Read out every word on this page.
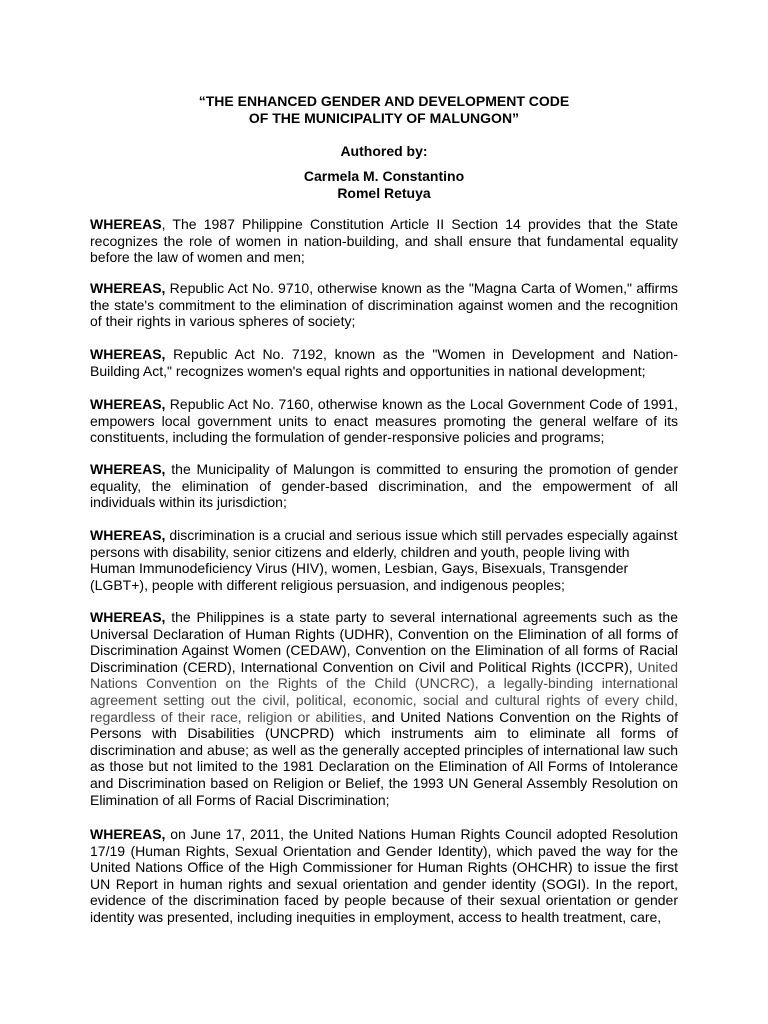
“THE ENHANCED GENDER AND DEVELOPMENT CODE
OF THE MUNICIPALITY OF MALUNGON”
Authored by:
Carmela M. Constantino
Romel Retuya

WHEREAS, The 1987 Philippine Constitution Article II Section 14 provides that the State recognizes the role of women in nation-building, and shall ensure that fundamental equality before the law of women and men;

WHEREAS, Republic Act No. 9710, otherwise known as the "Magna Carta of Women," affirms the state's commitment to the elimination of discrimination against women and the recognition of their rights in various spheres of society;

WHEREAS, Republic Act No. 7192, known as the "Women in Development and Nation-Building Act," recognizes women's equal rights and opportunities in national development;

WHEREAS, Republic Act No. 7160, otherwise known as the Local Government Code of 1991, empowers local government units to enact measures promoting the general welfare of its constituents, including the formulation of gender-responsive policies and programs;

WHEREAS, the Municipality of Malungon is committed to ensuring the promotion of gender equality, the elimination of gender-based discrimination, and the empowerment of all individuals within its jurisdiction;

WHEREAS, discrimination is a crucial and serious issue which still pervades especially against persons with disability, senior citizens and elderly, children and youth, people living with Human Immunodeficiency Virus (HIV), women, Lesbian, Gays, Bisexuals, Transgender (LGBT+), people with different religious persuasion, and indigenous peoples;

WHEREAS, the Philippines is a state party to several international agreements such as the Universal Declaration of Human Rights (UDHR), Convention on the Elimination of all forms of Discrimination Against Women (CEDAW), Convention on the Elimination of all forms of Racial Discrimination (CERD), International Convention on Civil and Political Rights (ICCPR), United Nations Convention on the Rights of the Child (UNCRC), a legally-binding international agreement setting out the civil, political, economic, social and cultural rights of every child, regardless of their race, religion or abilities, and United Nations Convention on the Rights of Persons with Disabilities (UNCPRD) which instruments aim to eliminate all forms of discrimination and abuse; as well as the generally accepted principles of international law such as those but not limited to the 1981 Declaration on the Elimination of All Forms of Intolerance and Discrimination based on Religion or Belief, the 1993 UN General Assembly Resolution on Elimination of all Forms of Racial Discrimination;

WHEREAS, on June 17, 2011, the United Nations Human Rights Council adopted Resolution 17/19 (Human Rights, Sexual Orientation and Gender Identity), which paved the way for the United Nations Office of the High Commissioner for Human Rights (OHCHR) to issue the first UN Report in human rights and sexual orientation and gender identity (SOGI). In the report, evidence of the discrimination faced by people because of their sexual orientation or gender identity was presented, including inequities in employment, access to health treatment, care,
